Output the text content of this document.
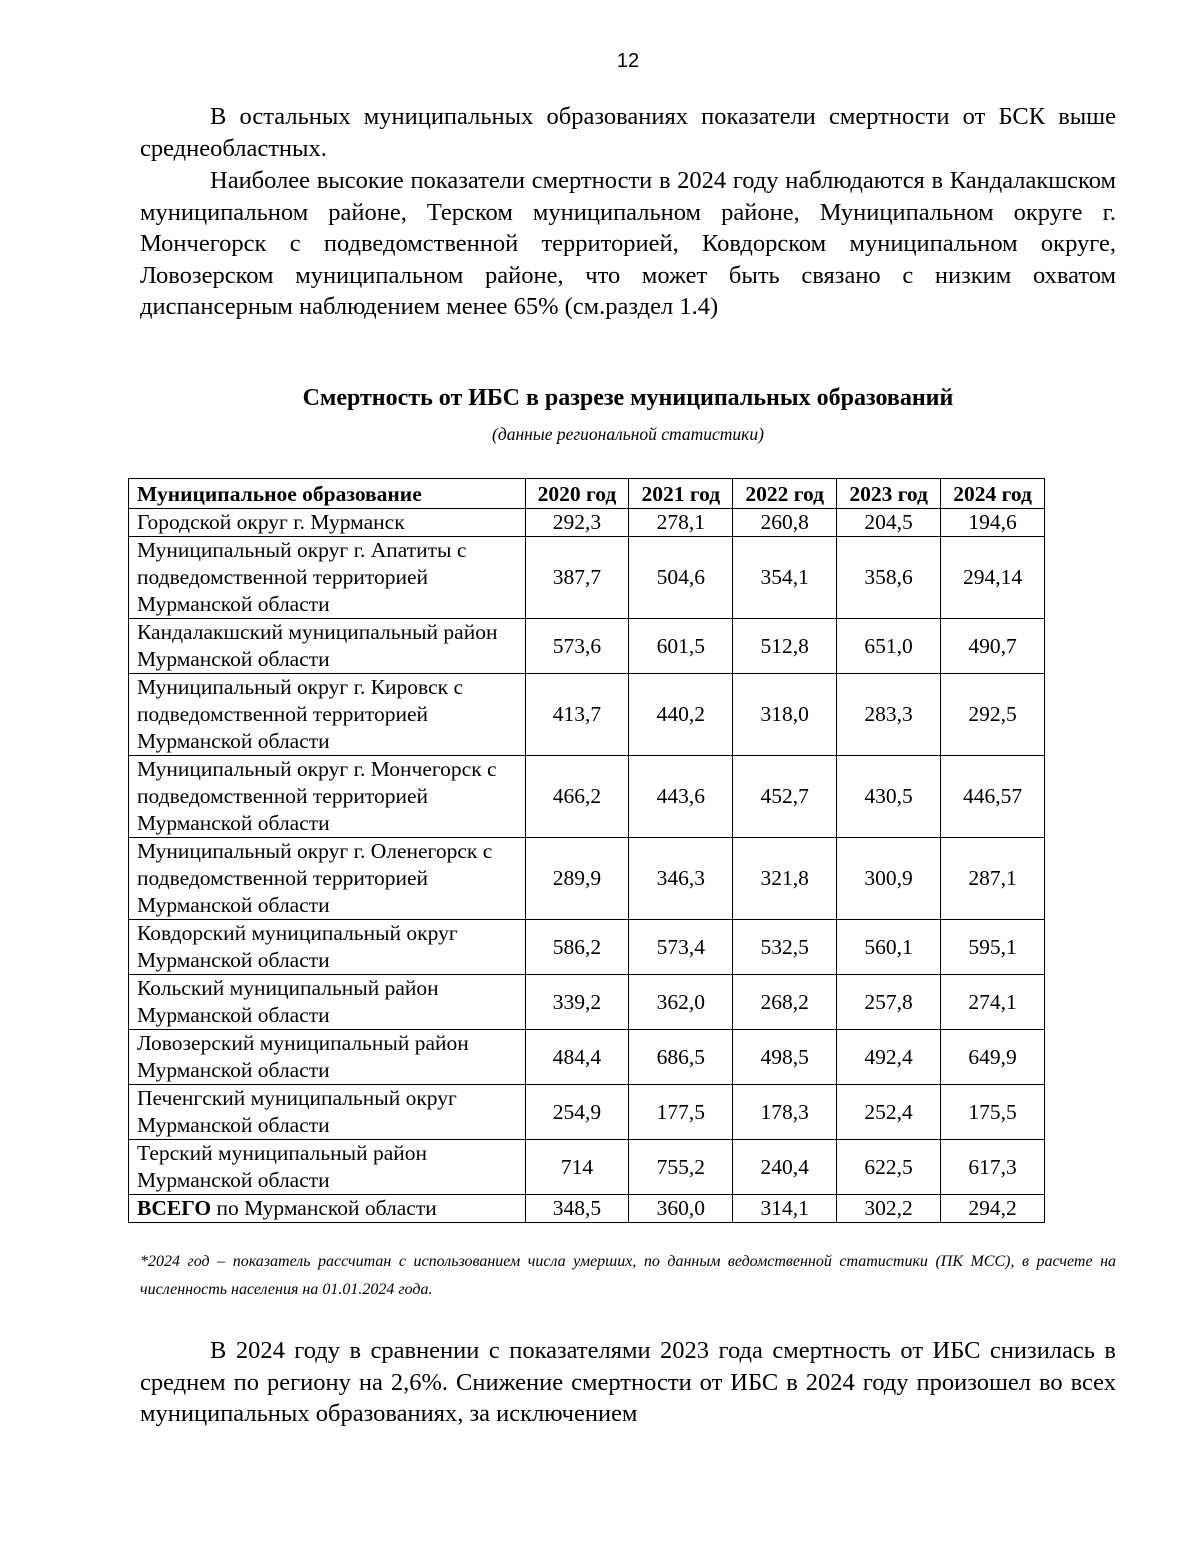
12

В остальных муниципальных образованиях показатели смертности от БСК выше среднеобластных.

Наиболее высокие показатели смертности в 2024 году наблюдаются в Кандалакшском муниципальном районе, Терском муниципальном районе, Муниципальном округе г. Мончегорск с подведомственной территорией, Ковдорском муниципальном округе, Ловозерском муниципальном районе, что может быть связано с низким охватом диспансерным наблюдением менее 65% (см.раздел 1.4)

Смертность от ИБС в разрезе муниципальных образований

(данные региональной статистики)

Муниципальное образование	2020 год	2021 год	2022 год	2023 год	2024 год
Городской округ г. Мурманск	292,3	278,1	260,8	204,5	194,6
Муниципальный округ г. Апатиты с подведомственной территорией Мурманской области	387,7	504,6	354,1	358,6	294,14
Кандалакшский муниципальный район Мурманской области	573,6	601,5	512,8	651,0	490,7
Муниципальный округ г. Кировск с подведомственной территорией Мурманской области	413,7	440,2	318,0	283,3	292,5
Муниципальный округ г. Мончегорск с подведомственной территорией Мурманской области	466,2	443,6	452,7	430,5	446,57
Муниципальный округ г. Оленегорск с подведомственной территорией Мурманской области	289,9	346,3	321,8	300,9	287,1
Ковдорский муниципальный округ Мурманской области	586,2	573,4	532,5	560,1	595,1
Кольский муниципальный район Мурманской области	339,2	362,0	268,2	257,8	274,1
Ловозерский муниципальный район Мурманской области	484,4	686,5	498,5	492,4	649,9
Печенгский муниципальный округ Мурманской области	254,9	177,5	178,3	252,4	175,5
Терский муниципальный район Мурманской области	714	755,2	240,4	622,5	617,3
ВСЕГО по Мурманской области	348,5	360,0	314,1	302,2	294,2

*2024 год – показатель рассчитан с использованием числа умерших, по данным ведомственной статистики (ПК МСС), в расчете на численность населения на 01.01.2024 года.

В 2024 году в сравнении с показателями 2023 года смертность от ИБС снизилась в среднем по региону на 2,6%. Снижение смертности от ИБС в 2024 году произошел во всех муниципальных образованиях, за исключением
